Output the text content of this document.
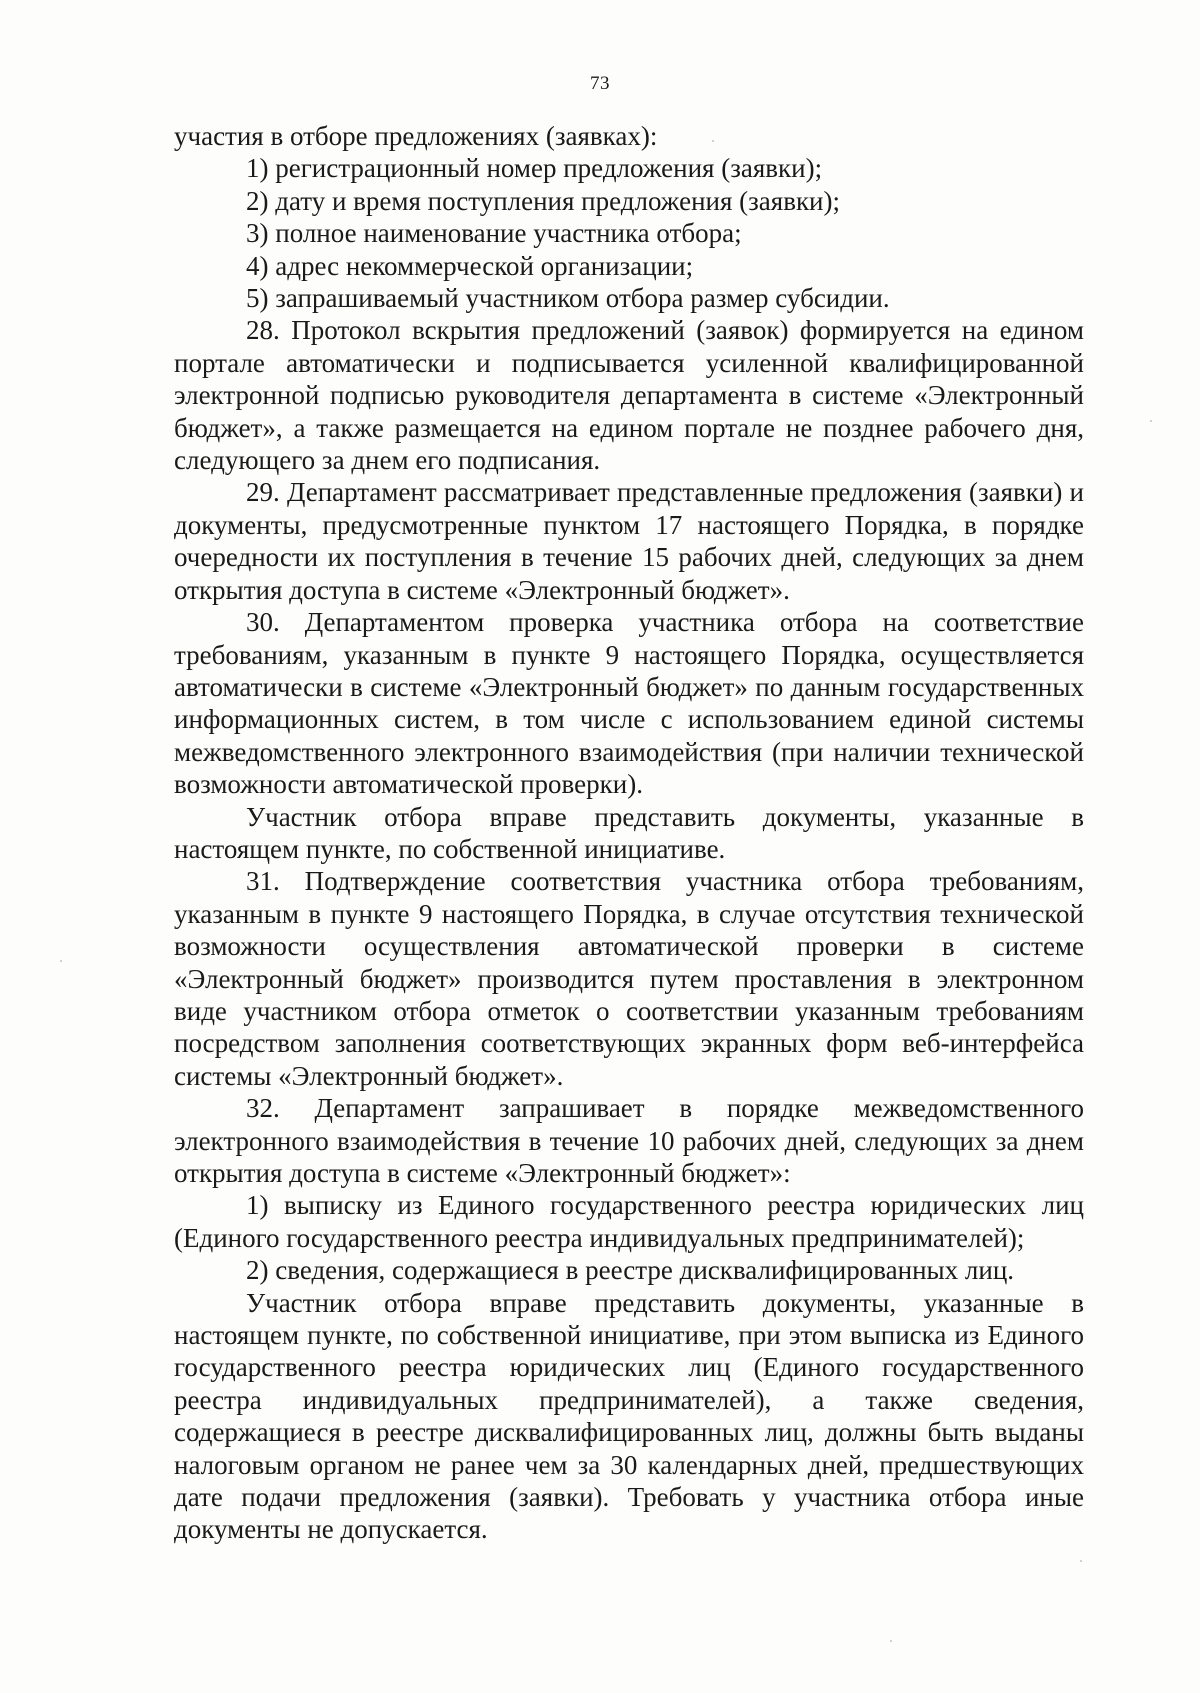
73

участия в отборе предложениях (заявках):

1) регистрационный номер предложения (заявки);

2) дату и время поступления предложения (заявки);

3) полное наименование участника отбора;

4) адрес некоммерческой организации;

5) запрашиваемый участником отбора размер субсидии.

28. Протокол вскрытия предложений (заявок) формируется на едином портале автоматически и подписывается усиленной квалифицированной электронной подписью руководителя департамента в системе «Электронный бюджет», а также размещается на едином портале не позднее рабочего дня, следующего за днем его подписания.

29. Департамент рассматривает представленные предложения (заявки) и документы, предусмотренные пунктом 17 настоящего Порядка, в порядке очередности их поступления в течение 15 рабочих дней, следующих за днем открытия доступа в системе «Электронный бюджет».

30. Департаментом проверка участника отбора на соответствие требованиям, указанным в пункте 9 настоящего Порядка, осуществляется автоматически в системе «Электронный бюджет» по данным государственных информационных систем, в том числе с использованием единой системы межведомственного электронного взаимодействия (при наличии технической возможности автоматической проверки).

Участник отбора вправе представить документы, указанные в настоящем пункте, по собственной инициативе.

31. Подтверждение соответствия участника отбора требованиям, указанным в пункте 9 настоящего Порядка, в случае отсутствия технической возможности осуществления автоматической проверки в системе «Электронный бюджет» производится путем проставления в электронном виде участником отбора отметок о соответствии указанным требованиям посредством заполнения соответствующих экранных форм веб-интерфейса системы «Электронный бюджет».

32. Департамент запрашивает в порядке межведомственного электронного взаимодействия в течение 10 рабочих дней, следующих за днем открытия доступа в системе «Электронный бюджет»:

1) выписку из Единого государственного реестра юридических лиц (Единого государственного реестра индивидуальных предпринимателей);

2) сведения, содержащиеся в реестре дисквалифицированных лиц.

Участник отбора вправе представить документы, указанные в настоящем пункте, по собственной инициативе, при этом выписка из Единого государственного реестра юридических лиц (Единого государственного реестра индивидуальных предпринимателей), а также сведения, содержащиеся в реестре дисквалифицированных лиц, должны быть выданы налоговым органом не ранее чем за 30 календарных дней, предшествующих дате подачи предложения (заявки). Требовать у участника отбора иные документы не допускается.
